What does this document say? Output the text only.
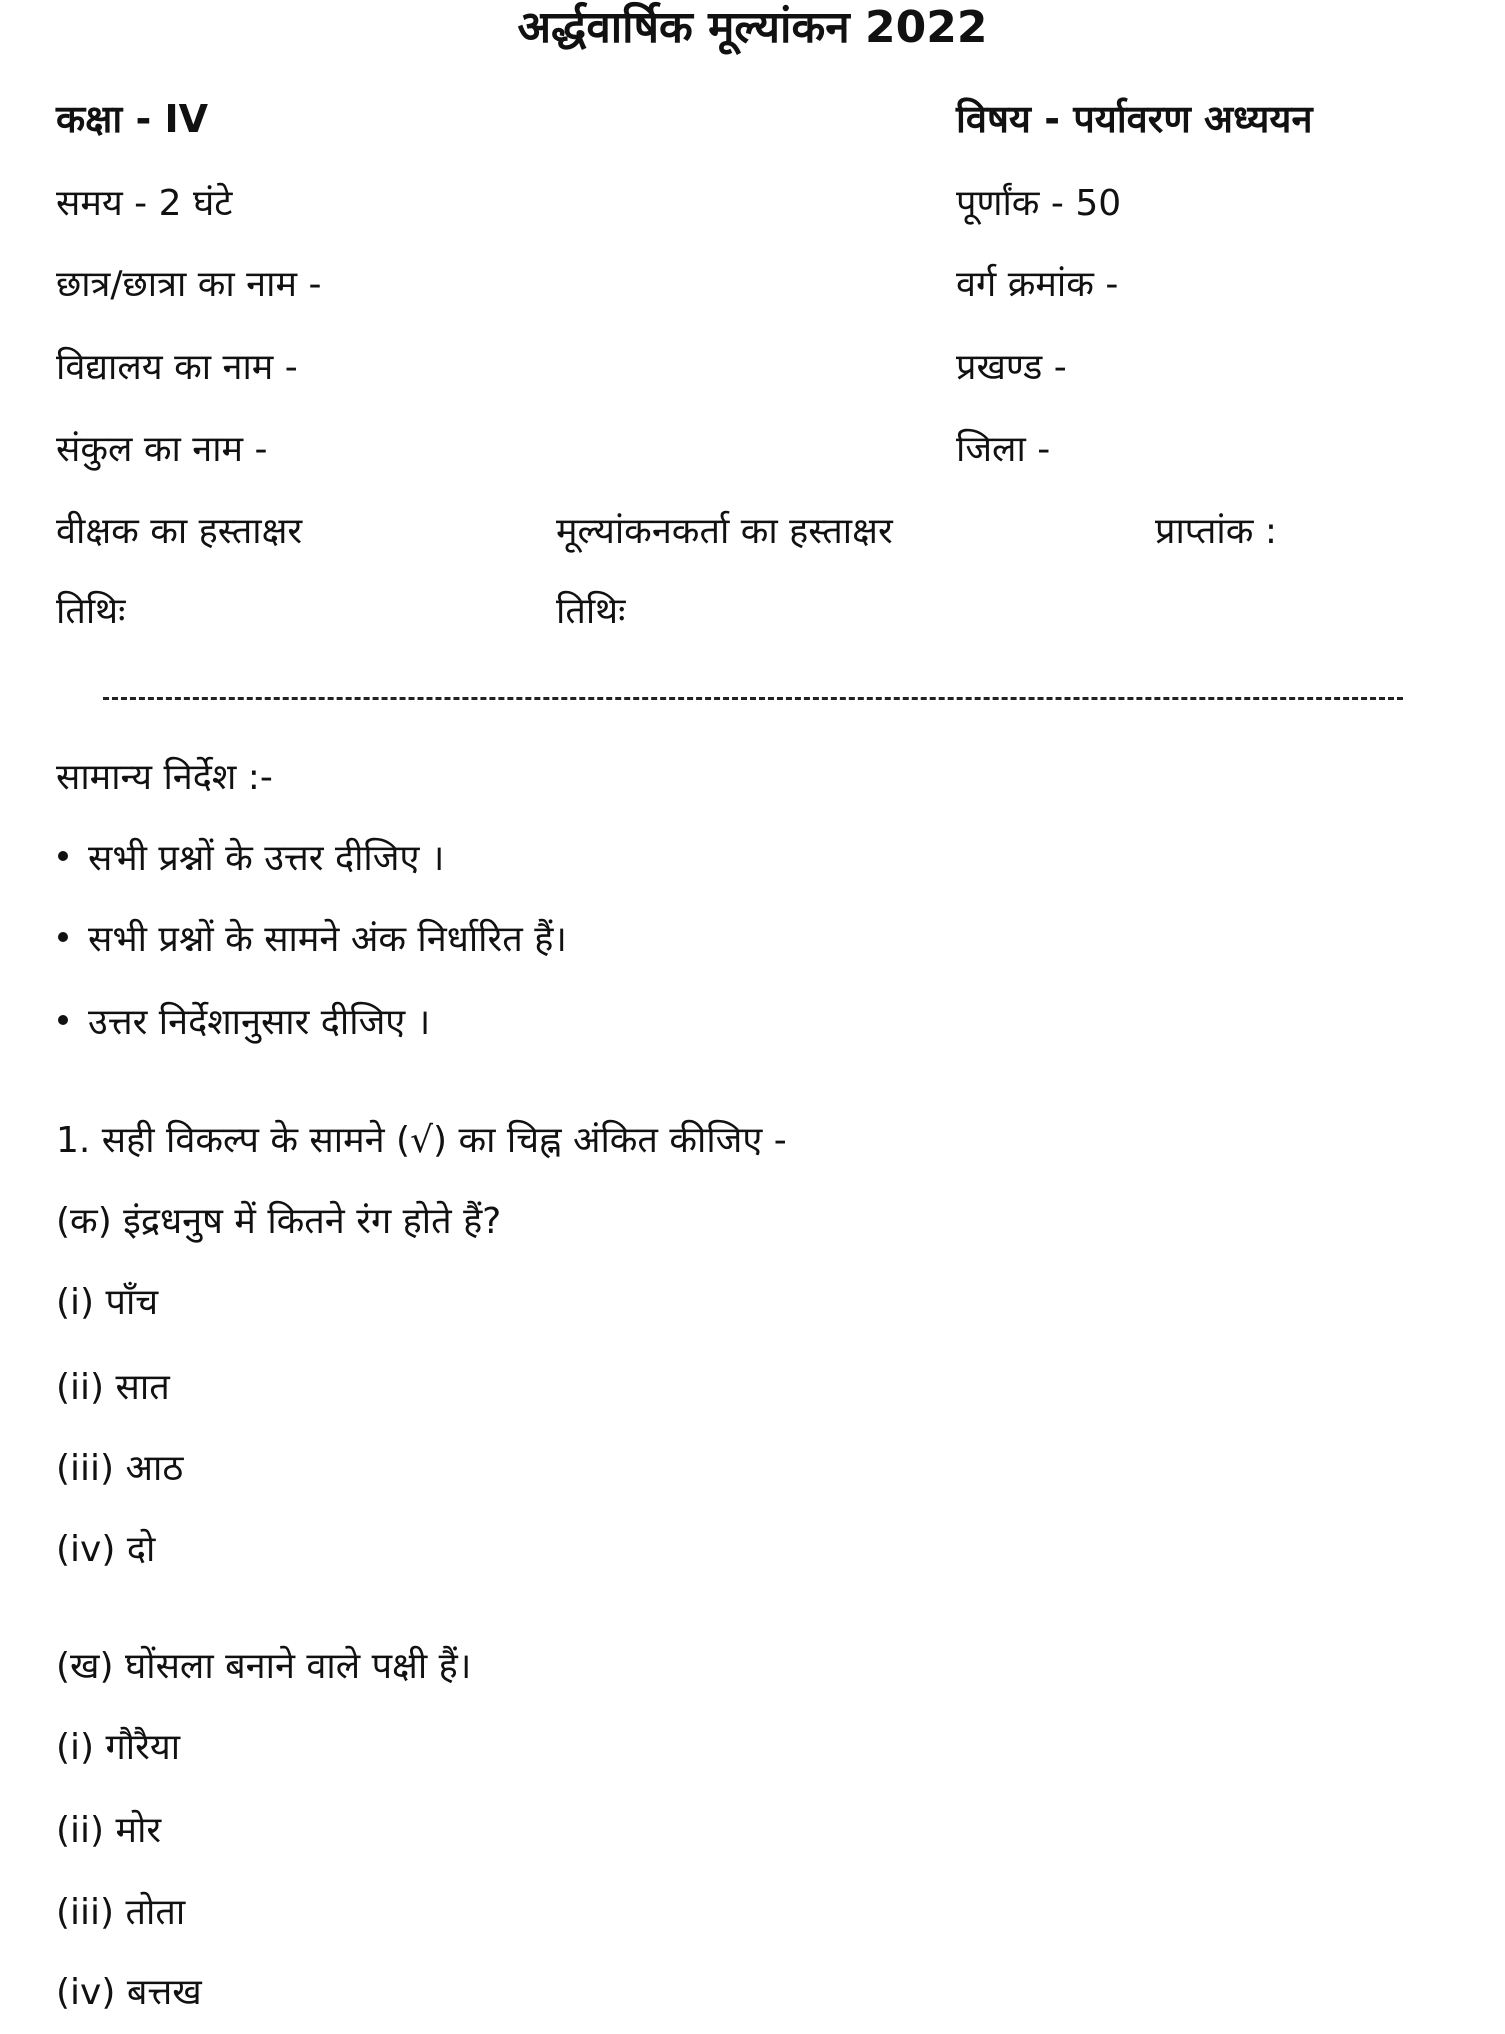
अर्द्धवार्षिक मूल्यांकन 2022
कक्षा - IV	विषय - पर्यावरण अध्ययन
समय - 2 घंटे	पूर्णांक - 50
छात्र/छात्रा का नाम -	वर्ग क्रमांक -
विद्यालय का नाम -	प्रखण्ड -
संकुल का नाम -	जिला -
वीक्षक का हस्ताक्षर	मूल्यांकनकर्ता का हस्ताक्षर	प्राप्तांक :
तिथिः	तिथिः
सामान्य निर्देश :-
सभी प्रश्नों के उत्तर दीजिए ।
सभी प्रश्नों के सामने अंक निर्धारित हैं।
उत्तर निर्देशानुसार दीजिए ।
1. सही विकल्प के सामने (√) का चिह्न अंकित कीजिए -
(क) इंद्रधनुष में कितने रंग होते हैं?
(i) पाँच
(ii) सात
(iii) आठ
(iv) दो
(ख) घोंसला बनाने वाले पक्षी हैं।
(i) गौरैया
(ii) मोर
(iii) तोता
(iv) बत्तख
